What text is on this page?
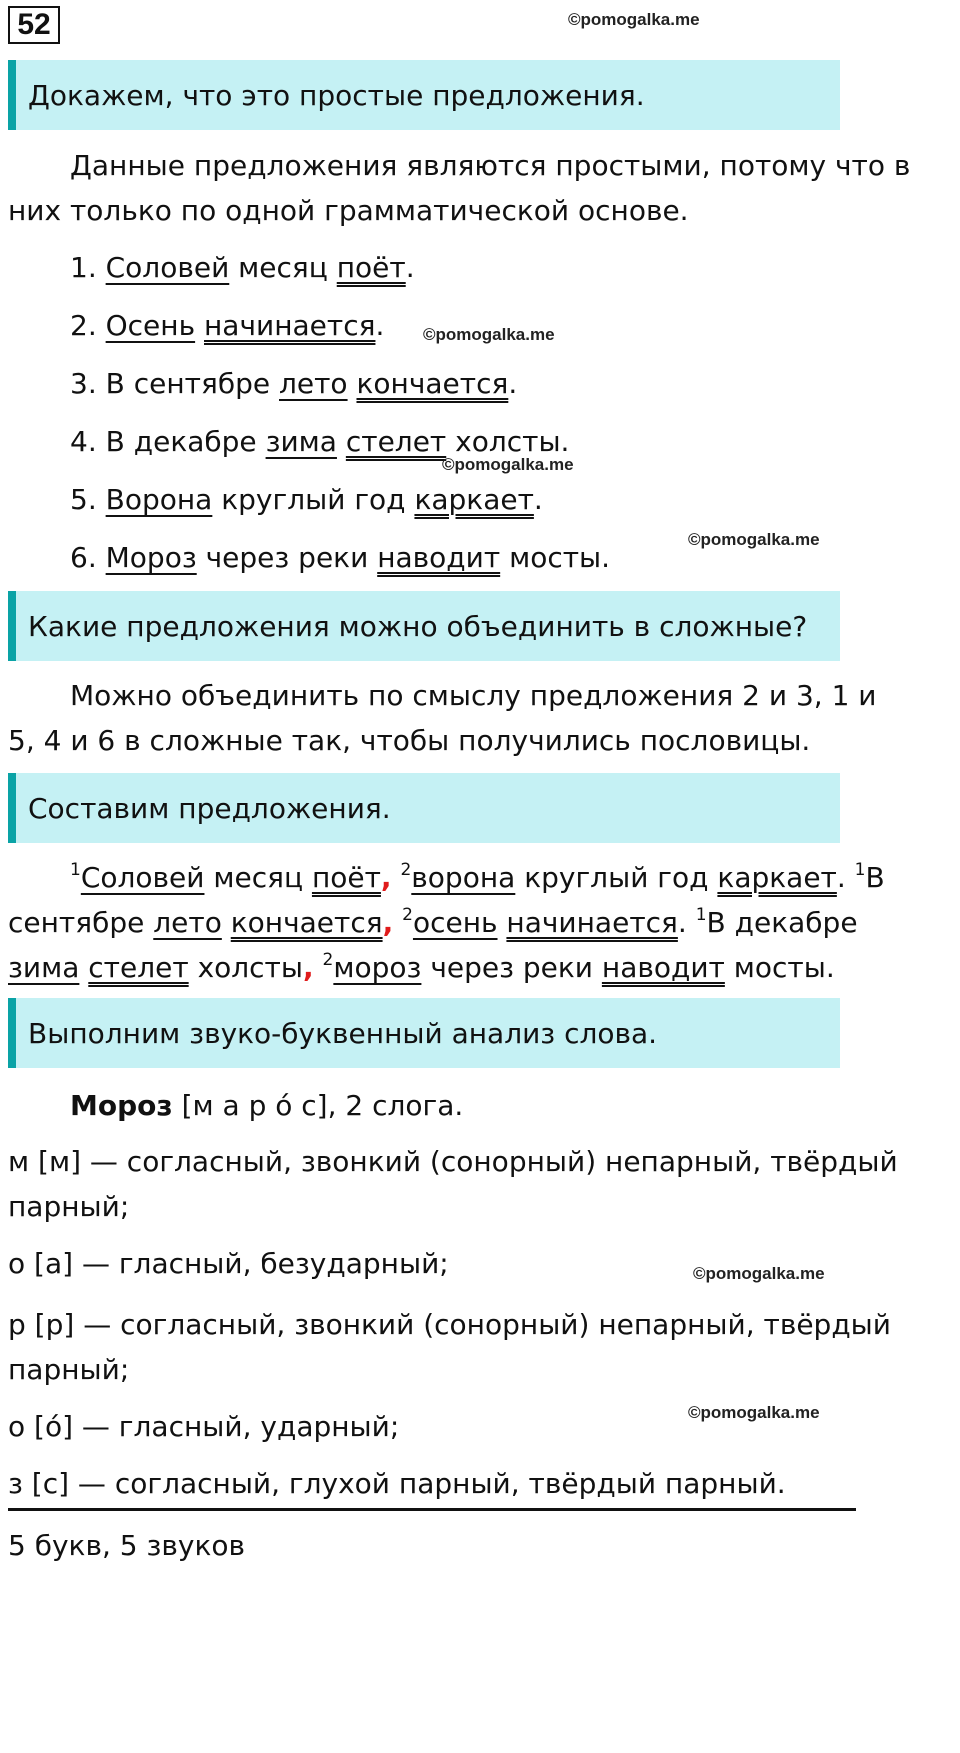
52	©pomogalka.me
Докажем, что это простые предложения.
Данные предложения являются простыми, потому что в
них только по одной грамматической основе.
1. Соловей месяц поёт.
2. Осень начинается. ©pomogalka.me
3. В сентябре лето кончается.
4. В декабре зима стелет холсты.
©pomogalka.me
5. Ворона круглый год каркает.
©pomogalka.me
6. Мороз через реки наводит мосты.
Какие предложения можно объединить в сложные?
Можно объединить по смыслу предложения 2 и 3, 1 и
5, 4 и 6 в сложные так, чтобы получились пословицы.
Составим предложения.
$^1$Соловей месяц поёт, $^2$ворона круглый год каркает. $^1$В
сентябре лето кончается, $^2$осень начинается. $^1$В декабре
зима стелет холсты, $^2$мороз через реки наводит мосты.
Выполним звуко-буквенный анализ слова.
Мороз [м а р ó с], 2 слога.
м [м] — согласный, звонкий (сонорный) непарный, твёрдый
парный;
о [а] — гласный, безударный;	©pomogalka.me
р [р] — согласный, звонкий (сонорный) непарный, твёрдый
парный;
©pomogalka.me
о [ó] — гласный, ударный;
з [с] — согласный, глухой парный, твёрдый парный.
5 букв, 5 звуков
